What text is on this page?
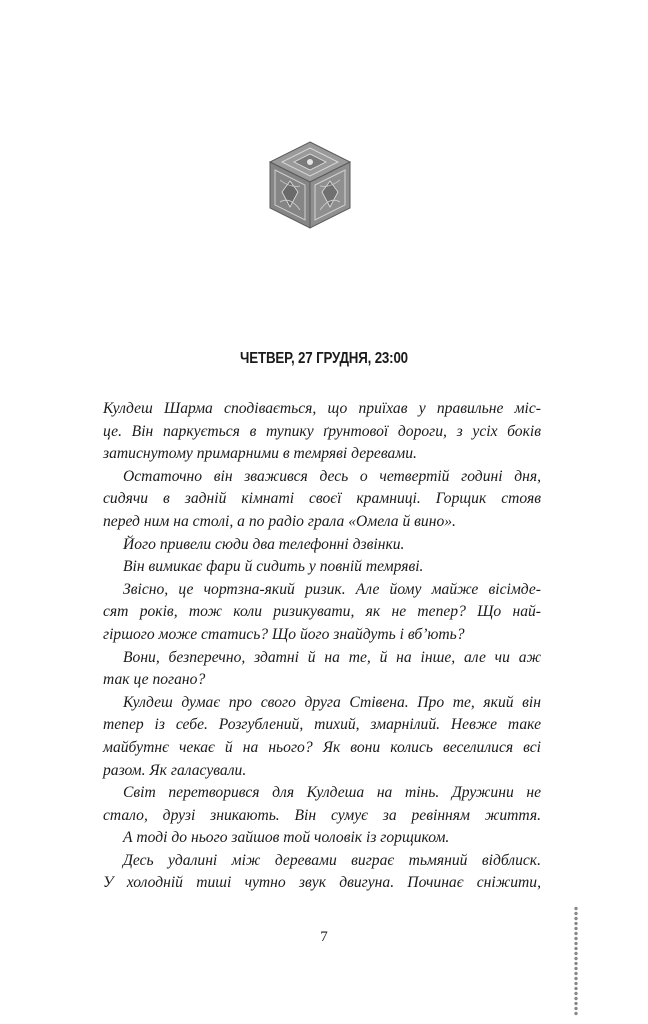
ЧЕТВЕР, 27 ГРУДНЯ, 23:00
Кулдеш Шарма сподівається, що приїхав у правильне міс-
це. Він паркується в тупику ґрунтової дороги, з усіх боків
затиснутому примарними в темряві деревами.
Остаточно він зважився десь о четвертій годині дня,
сидячи в задній кімнаті своєї крамниці. Горщик стояв
перед ним на столі, а по радіо грала «Омела й вино».
Його привели сюди два телефонні дзвінки.
Він вимикає фари й сидить у повній темряві.
Звісно, це чортзна-який ризик. Але йому майже вісімде-
сят років, тож коли ризикувати, як не тепер? Що най-
гіршого може статись? Що його знайдуть і вб’ють?
Вони, безперечно, здатні й на те, й на інше, але чи аж
так це погано?
Кулдеш думає про свого друга Стівена. Про те, який він
тепер із себе. Розгублений, тихий, змарнілий. Невже таке
майбутнє чекає й на нього? Як вони колись веселилися всі
разом. Як галасували.
Світ перетворився для Кулдеша на тінь. Дружини не
стало, друзі зникають. Він сумує за ревінням життя.
А тоді до нього зайшов той чоловік із горщиком.
Десь удалині між деревами виграє тьмяний відблиск.
У холодній тиші чутно звук двигуна. Починає сніжити,
7
